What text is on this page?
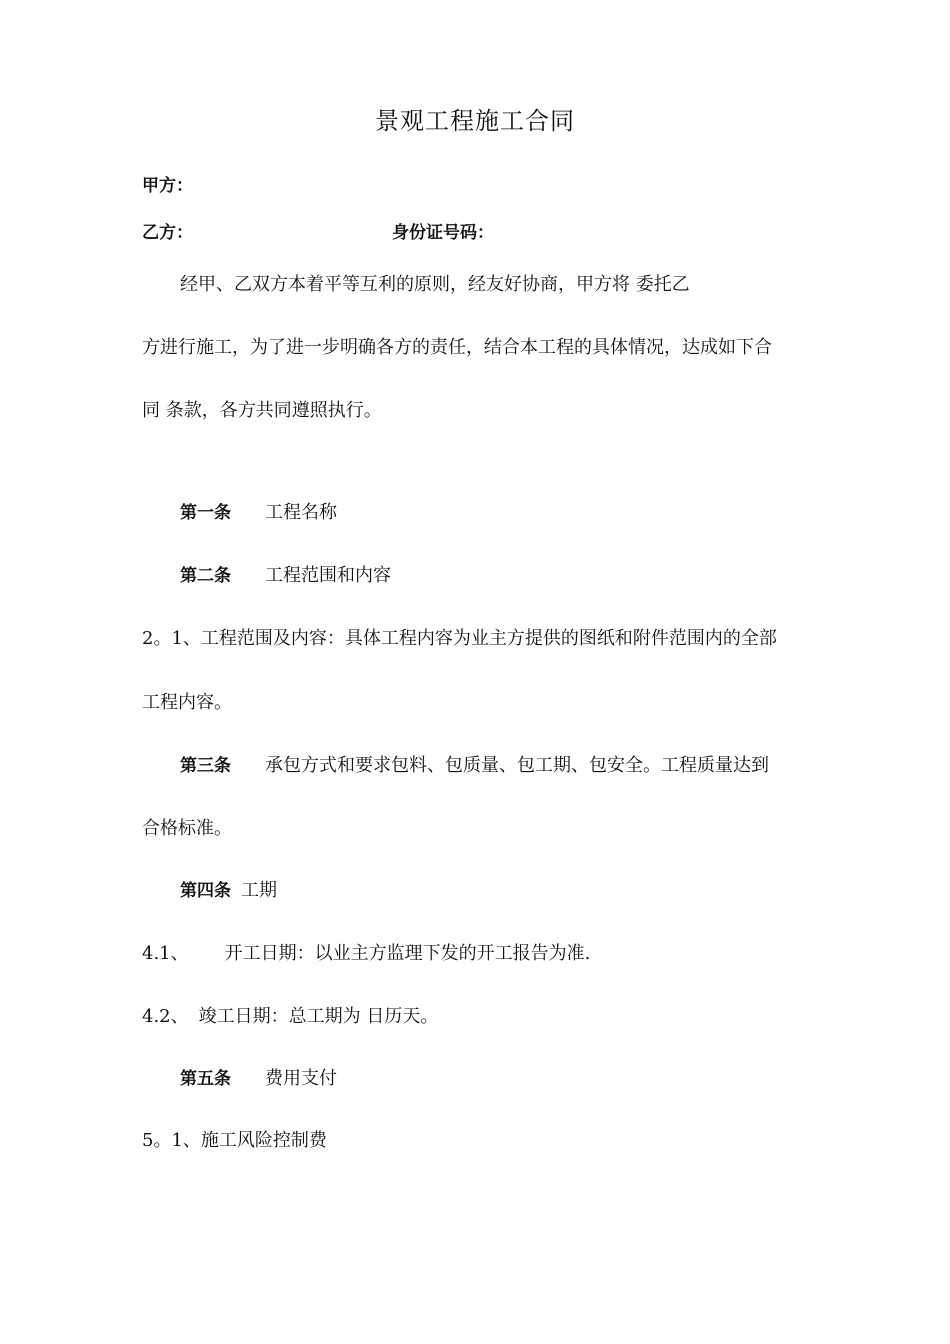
景观工程施工合同
甲方：
乙方：	身份证号码：
经甲、乙双方本着平等互利的原则，经友好协商，甲方将 委托乙
方进行施工，为了进一步明确各方的责任，结合本工程的具体情况，达成如下合
同 条款，各方共同遵照执行。
第一条 工程名称
第二条 工程范围和内容
2。1、工程范围及内容：具体工程内容为业主方提供的图纸和附件范围内的全部
工程内容。
第三条 承包方式和要求包料、包质量、包工期、包安全。工程质量达到
合格标准。
第四条 工期
4.1、 开工日期：以业主方监理下发的开工报告为准.
4.2、 竣工日期：总工期为 日历天。
第五条 费用支付
5。1、施工风险控制费
